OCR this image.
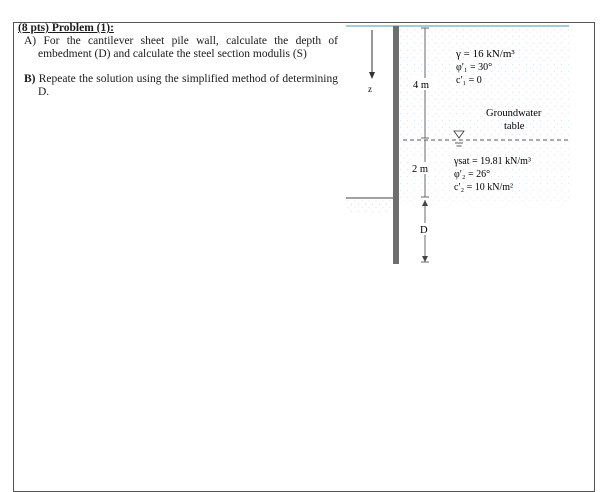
(8 pts) Problem (1):
A) For the cantilever sheet pile wall, calculate the depth of embedment (D) and calculate the steel section modulis (S)
B) Repeate the solution using the simplified method of determining D.	z	4 m
2 m
D
γ = 16 kN/m³
φ′₁ = 30°
c′₁ = 0
Groundwater
table
γsat = 19.81 kN/m³
φ′₂ = 26°
c′₂ = 10 kN/m²
